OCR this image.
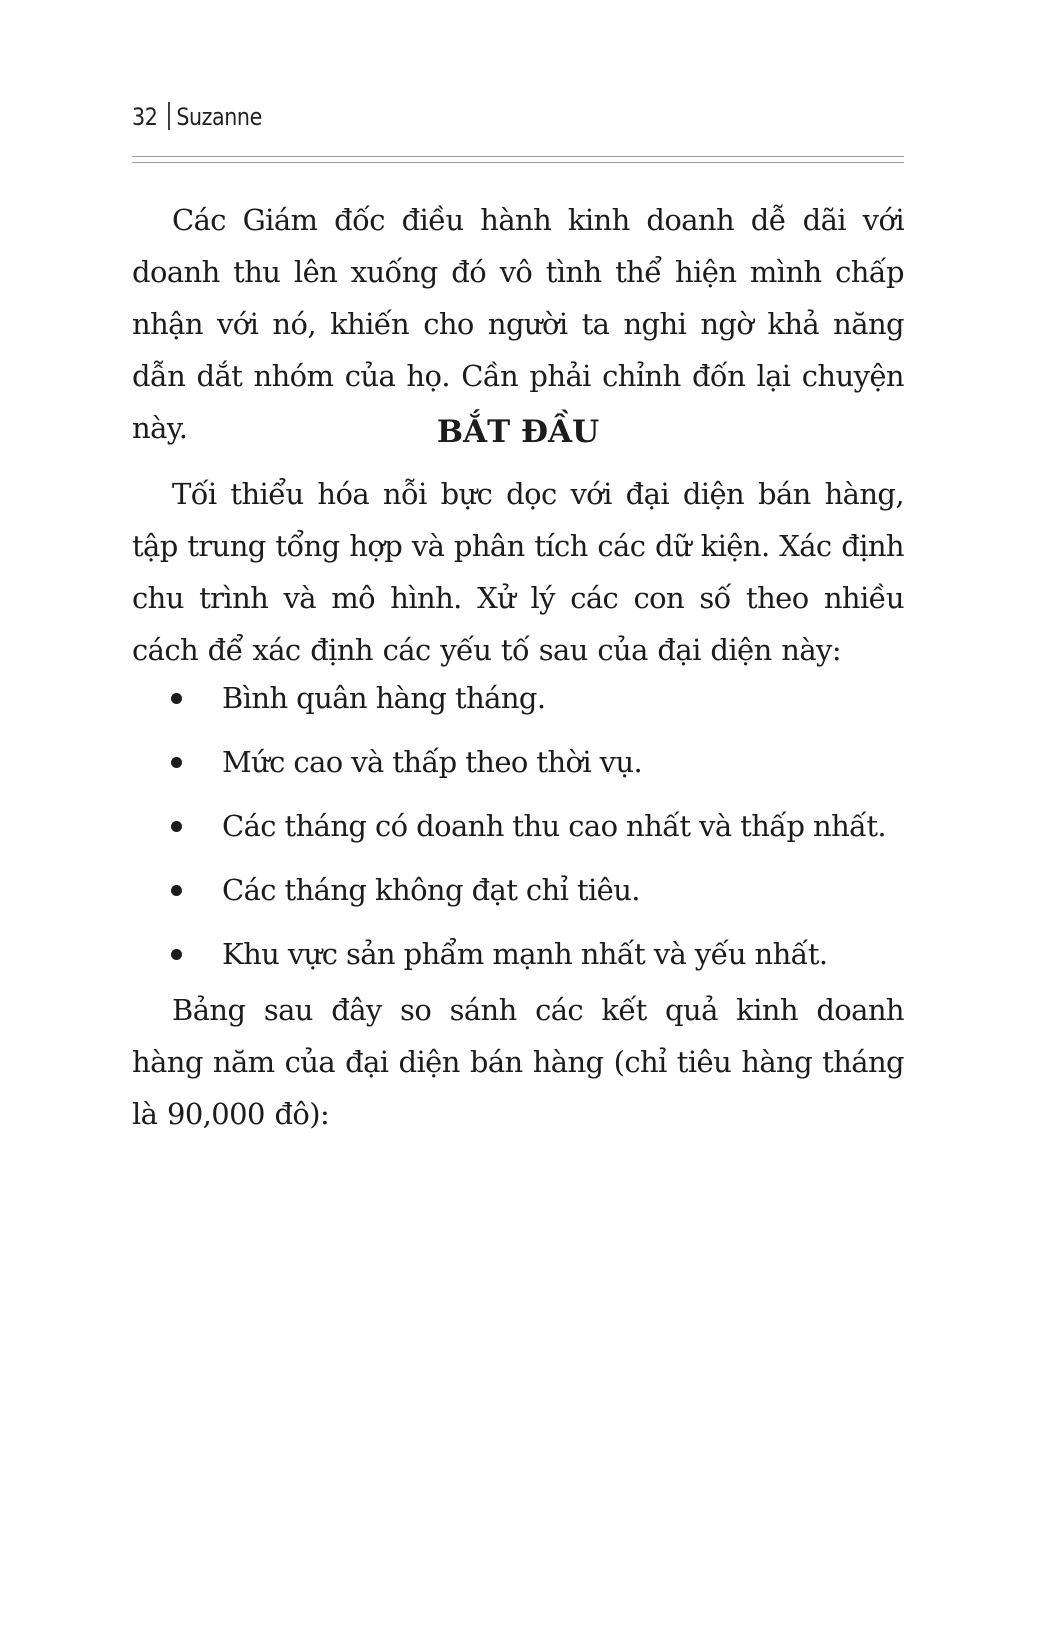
32 Suzanne
Các Giám đốc điều hành kinh doanh dễ dãi với doanh thu lên xuống đó vô tình thể hiện mình chấp nhận với nó, khiến cho người ta nghi ngờ khả năng dẫn dắt nhóm của họ. Cần phải chỉnh đốn lại chuyện này.	BẮT ĐẦU
Tối thiểu hóa nỗi bực dọc với đại diện bán hàng, tập trung tổng hợp và phân tích các dữ kiện. Xác định chu trình và mô hình. Xử lý các con số theo nhiều cách để xác định các yếu tố sau của đại diện này:
Bình quân hàng tháng.
Mức cao và thấp theo thời vụ.
Các tháng có doanh thu cao nhất và thấp nhất.
Các tháng không đạt chỉ tiêu.
Khu vực sản phẩm mạnh nhất và yếu nhất.
Bảng sau đây so sánh các kết quả kinh doanh hàng năm của đại diện bán hàng (chỉ tiêu hàng tháng là 90,000 đô):
